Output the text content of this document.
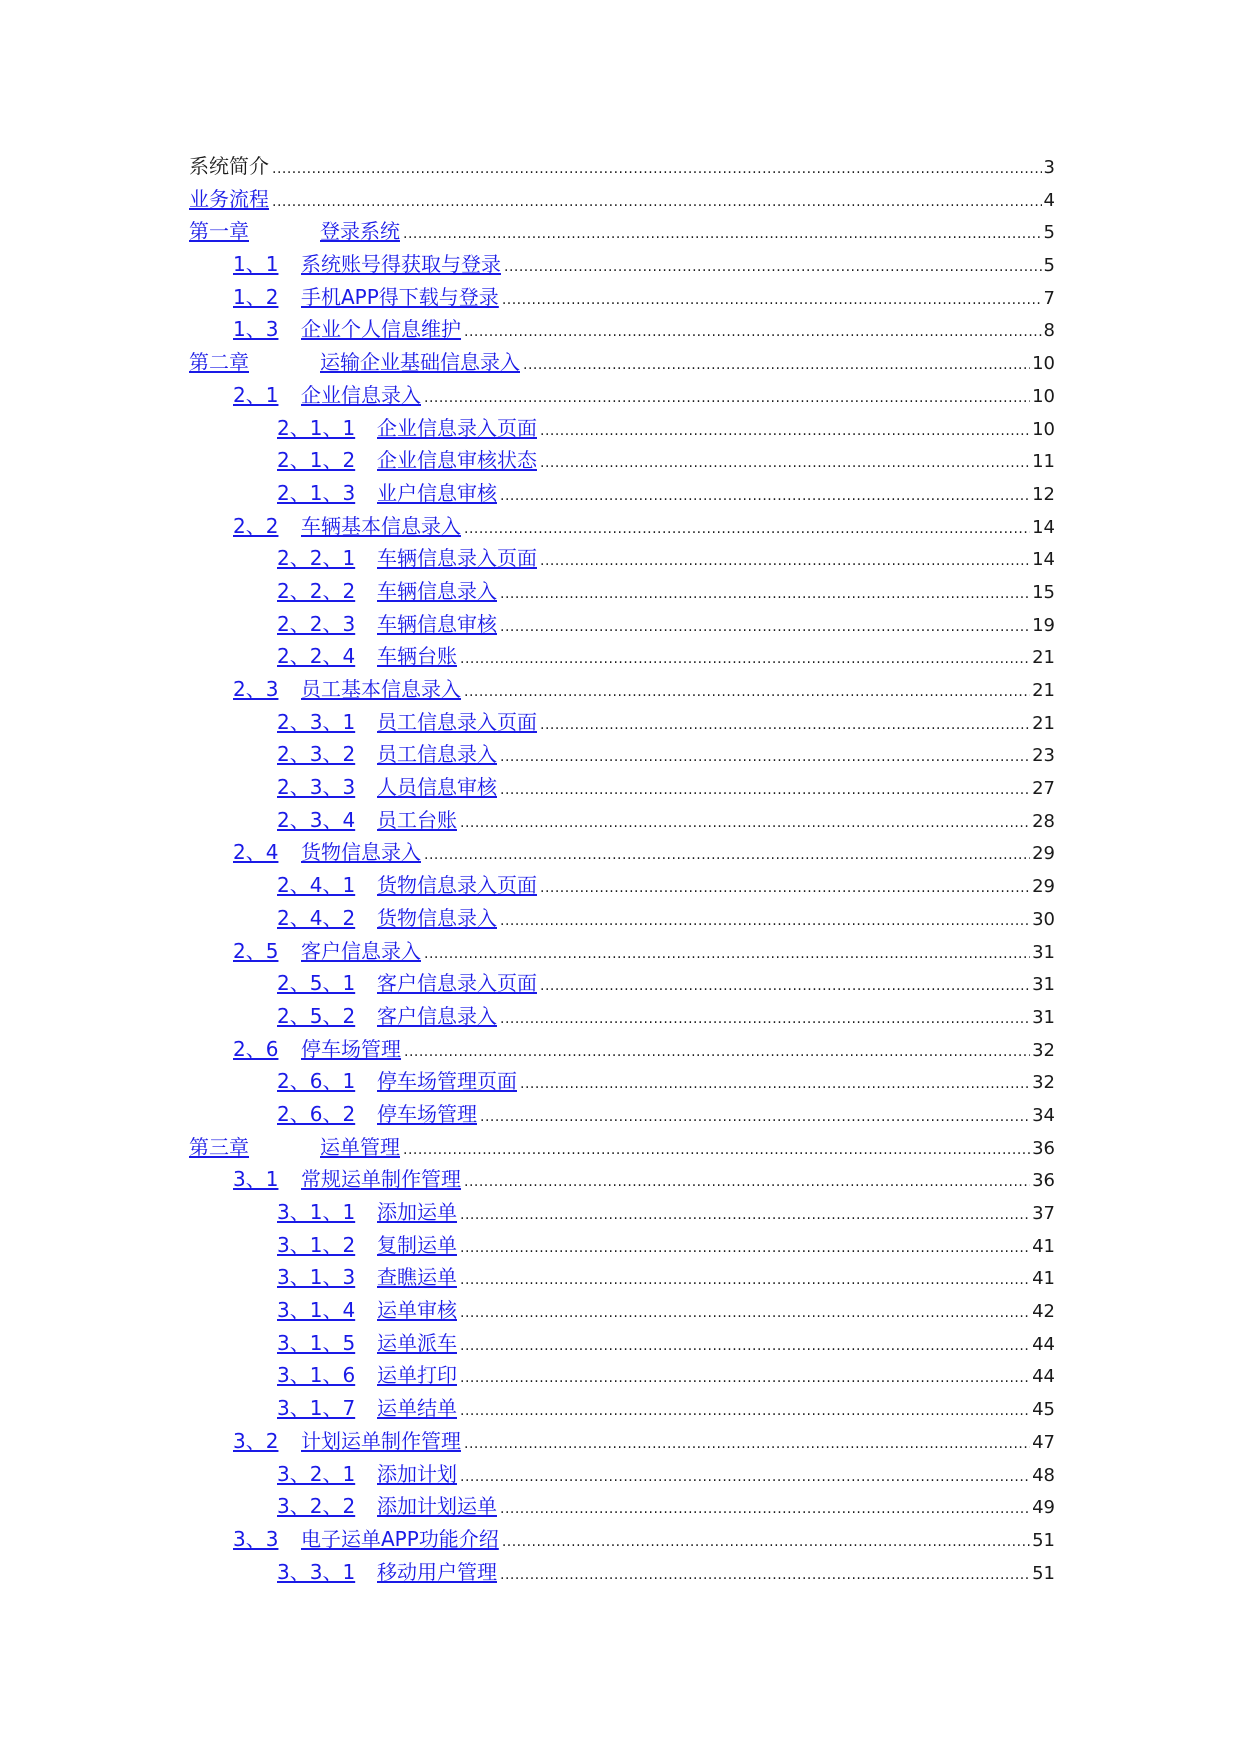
系统简介 .....	3
业务流程 .....	4
第一章	登录系统 .....	5
1、1	系统账号得获取与登录 .....	5
1、2	手机APP得下载与登录 .....	7
1、3	企业个人信息维护 .....	8
第二章	运输企业基础信息录入 .....	10
2、1	企业信息录入 .....	10
2、1、1	企业信息录入页面 .....	10
2、1、2	企业信息审核状态 .....	11
2、1、3	业户信息审核 .....	12
2、2	车辆基本信息录入 .....	14
2、2、1	车辆信息录入页面 .....	14
2、2、2	车辆信息录入 .....	15
2、2、3	车辆信息审核 .....	19
2、2、4	车辆台账 .....	21
2、3	员工基本信息录入 .....	21
2、3、1	员工信息录入页面 .....	21
2、3、2	员工信息录入 .....	23
2、3、3	人员信息审核 .....	27
2、3、4	员工台账 .....	28
2、4	货物信息录入 .....	29
2、4、1	货物信息录入页面 .....	29
2、4、2	货物信息录入 .....	30
2、5	客户信息录入 .....	31
2、5、1	客户信息录入页面 .....	31
2、5、2	客户信息录入 .....	31
2、6	停车场管理 .....	32
2、6、1	停车场管理页面 .....	32
2、6、2	停车场管理 .....	34
第三章	运单管理 .....	36
3、1	常规运单制作管理 .....	36
3、1、1	添加运单 .....	37
3、1、2	复制运单 .....	41
3、1、3	查瞧运单 .....	41
3、1、4	运单审核 .....	42
3、1、5	运单派车 .....	44
3、1、6	运单打印 .....	44
3、1、7	运单结单 .....	45
3、2	计划运单制作管理 .....	47
3、2、1	添加计划 .....	48
3、2、2	添加计划运单 .....	49
3、3	电子运单APP功能介绍 .....	51
3、3、1	移动用户管理 .....	51
